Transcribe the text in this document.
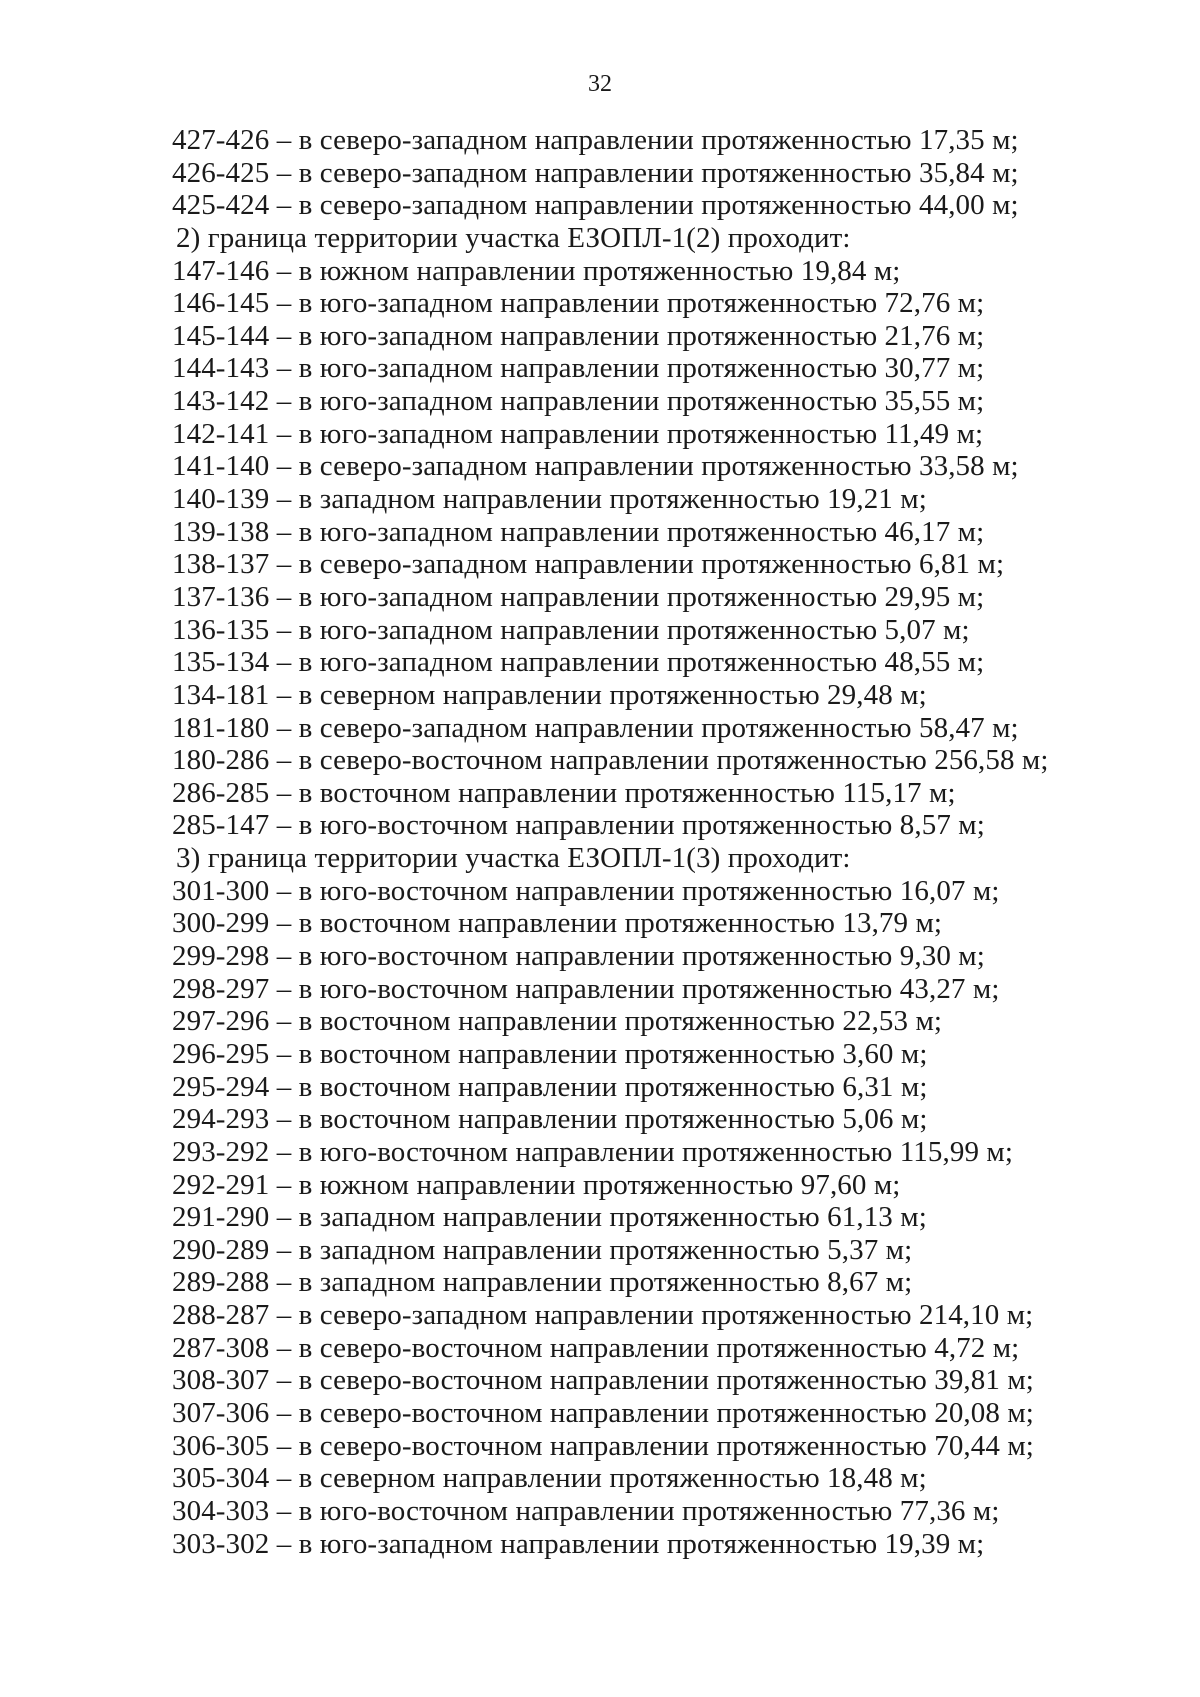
32
427-426 – в северо-западном направлении протяженностью 17,35 м;
426-425 – в северо-западном направлении протяженностью 35,84 м;
425-424 – в северо-западном направлении протяженностью 44,00 м;
2) граница территории участка ЕЗОПЛ-1(2) проходит:
147-146 – в южном направлении протяженностью 19,84 м;
146-145 – в юго-западном направлении протяженностью 72,76 м;
145-144 – в юго-западном направлении протяженностью 21,76 м;
144-143 – в юго-западном направлении протяженностью 30,77 м;
143-142 – в юго-западном направлении протяженностью 35,55 м;
142-141 – в юго-западном направлении протяженностью 11,49 м;
141-140 – в северо-западном направлении протяженностью 33,58 м;
140-139 – в западном направлении протяженностью 19,21 м;
139-138 – в юго-западном направлении протяженностью 46,17 м;
138-137 – в северо-западном направлении протяженностью 6,81 м;
137-136 – в юго-западном направлении протяженностью 29,95 м;
136-135 – в юго-западном направлении протяженностью 5,07 м;
135-134 – в юго-западном направлении протяженностью 48,55 м;
134-181 – в северном направлении протяженностью 29,48 м;
181-180 – в северо-западном направлении протяженностью 58,47 м;
180-286 – в северо-восточном направлении протяженностью 256,58 м;
286-285 – в восточном направлении протяженностью 115,17 м;
285-147 – в юго-восточном направлении протяженностью 8,57 м;
3) граница территории участка ЕЗОПЛ-1(3) проходит:
301-300 – в юго-восточном направлении протяженностью 16,07 м;
300-299 – в восточном направлении протяженностью 13,79 м;
299-298 – в юго-восточном направлении протяженностью 9,30 м;
298-297 – в юго-восточном направлении протяженностью 43,27 м;
297-296 – в восточном направлении протяженностью 22,53 м;
296-295 – в восточном направлении протяженностью 3,60 м;
295-294 – в восточном направлении протяженностью 6,31 м;
294-293 – в восточном направлении протяженностью 5,06 м;
293-292 – в юго-восточном направлении протяженностью 115,99 м;
292-291 – в южном направлении протяженностью 97,60 м;
291-290 – в западном направлении протяженностью 61,13 м;
290-289 – в западном направлении протяженностью 5,37 м;
289-288 – в западном направлении протяженностью 8,67 м;
288-287 – в северо-западном направлении протяженностью 214,10 м;
287-308 – в северо-восточном направлении протяженностью 4,72 м;
308-307 – в северо-восточном направлении протяженностью 39,81 м;
307-306 – в северо-восточном направлении протяженностью 20,08 м;
306-305 – в северо-восточном направлении протяженностью 70,44 м;
305-304 – в северном направлении протяженностью 18,48 м;
304-303 – в юго-восточном направлении протяженностью 77,36 м;
303-302 – в юго-западном направлении протяженностью 19,39 м;
